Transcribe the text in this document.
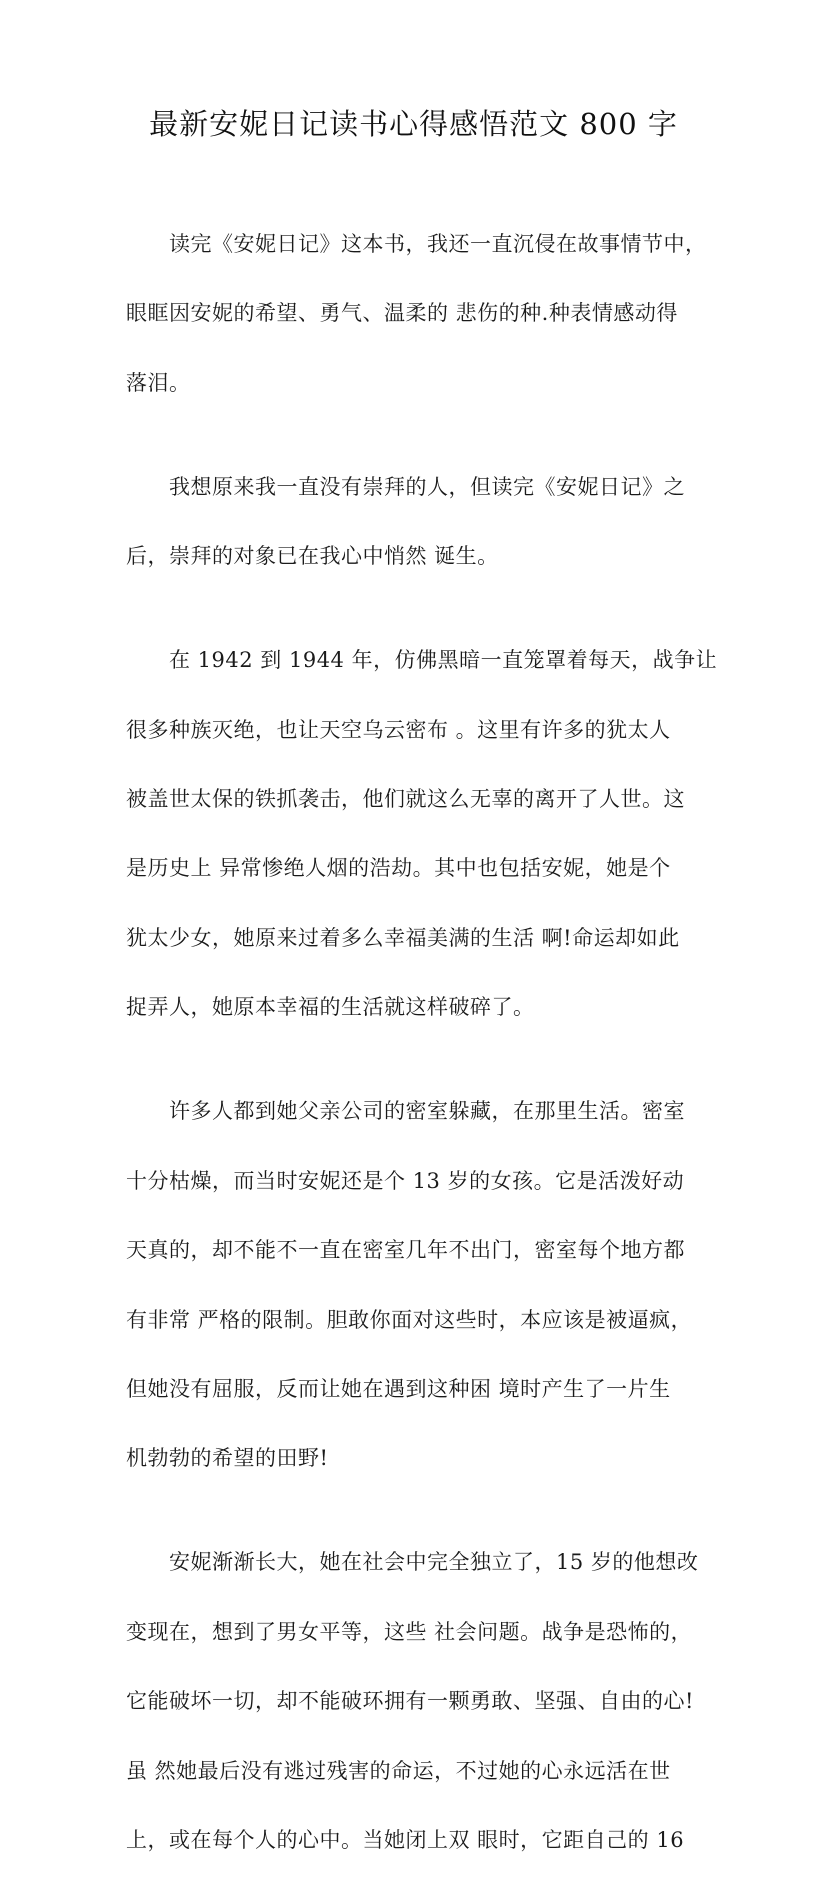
最新安妮日记读书心得感悟范文 800 字

　　读完《安妮日记》这本书，我还一直沉侵在故事情节中，

眼眶因安妮的希望、勇气、温柔的 悲伤的种.种表情感动得

落泪。

　　我想原来我一直没有崇拜的人，但读完《安妮日记》之

后，崇拜的对象已在我心中悄然 诞生。

　　在 1942 到 1944 年，仿佛黑暗一直笼罩着每天，战争让

很多种族灭绝，也让天空乌云密布 。这里有许多的犹太人

被盖世太保的铁抓袭击，他们就这么无辜的离开了人世。这

是历史上 异常惨绝人烟的浩劫。其中也包括安妮，她是个

犹太少女，她原来过着多么幸福美满的生活 啊!命运却如此

捉弄人，她原本幸福的生活就这样破碎了。

　　许多人都到她父亲公司的密室躲藏，在那里生活。密室

十分枯燥，而当时安妮还是个 13 岁的女孩。它是活泼好动

天真的，却不能不一直在密室几年不出门，密室每个地方都

有非常 严格的限制。胆敢你面对这些时，本应该是被逼疯，

但她没有屈服，反而让她在遇到这种困 境时产生了一片生

机勃勃的希望的田野!

　　安妮渐渐长大，她在社会中完全独立了，15 岁的他想改

变现在，想到了男女平等，这些 社会问题。战争是恐怖的，

它能破坏一切，却不能破环拥有一颗勇敢、坚强、自由的心!

虽 然她最后没有逃过残害的命运，不过她的心永远活在世

上，或在每个人的心中。当她闭上双 眼时，它距自己的 16
